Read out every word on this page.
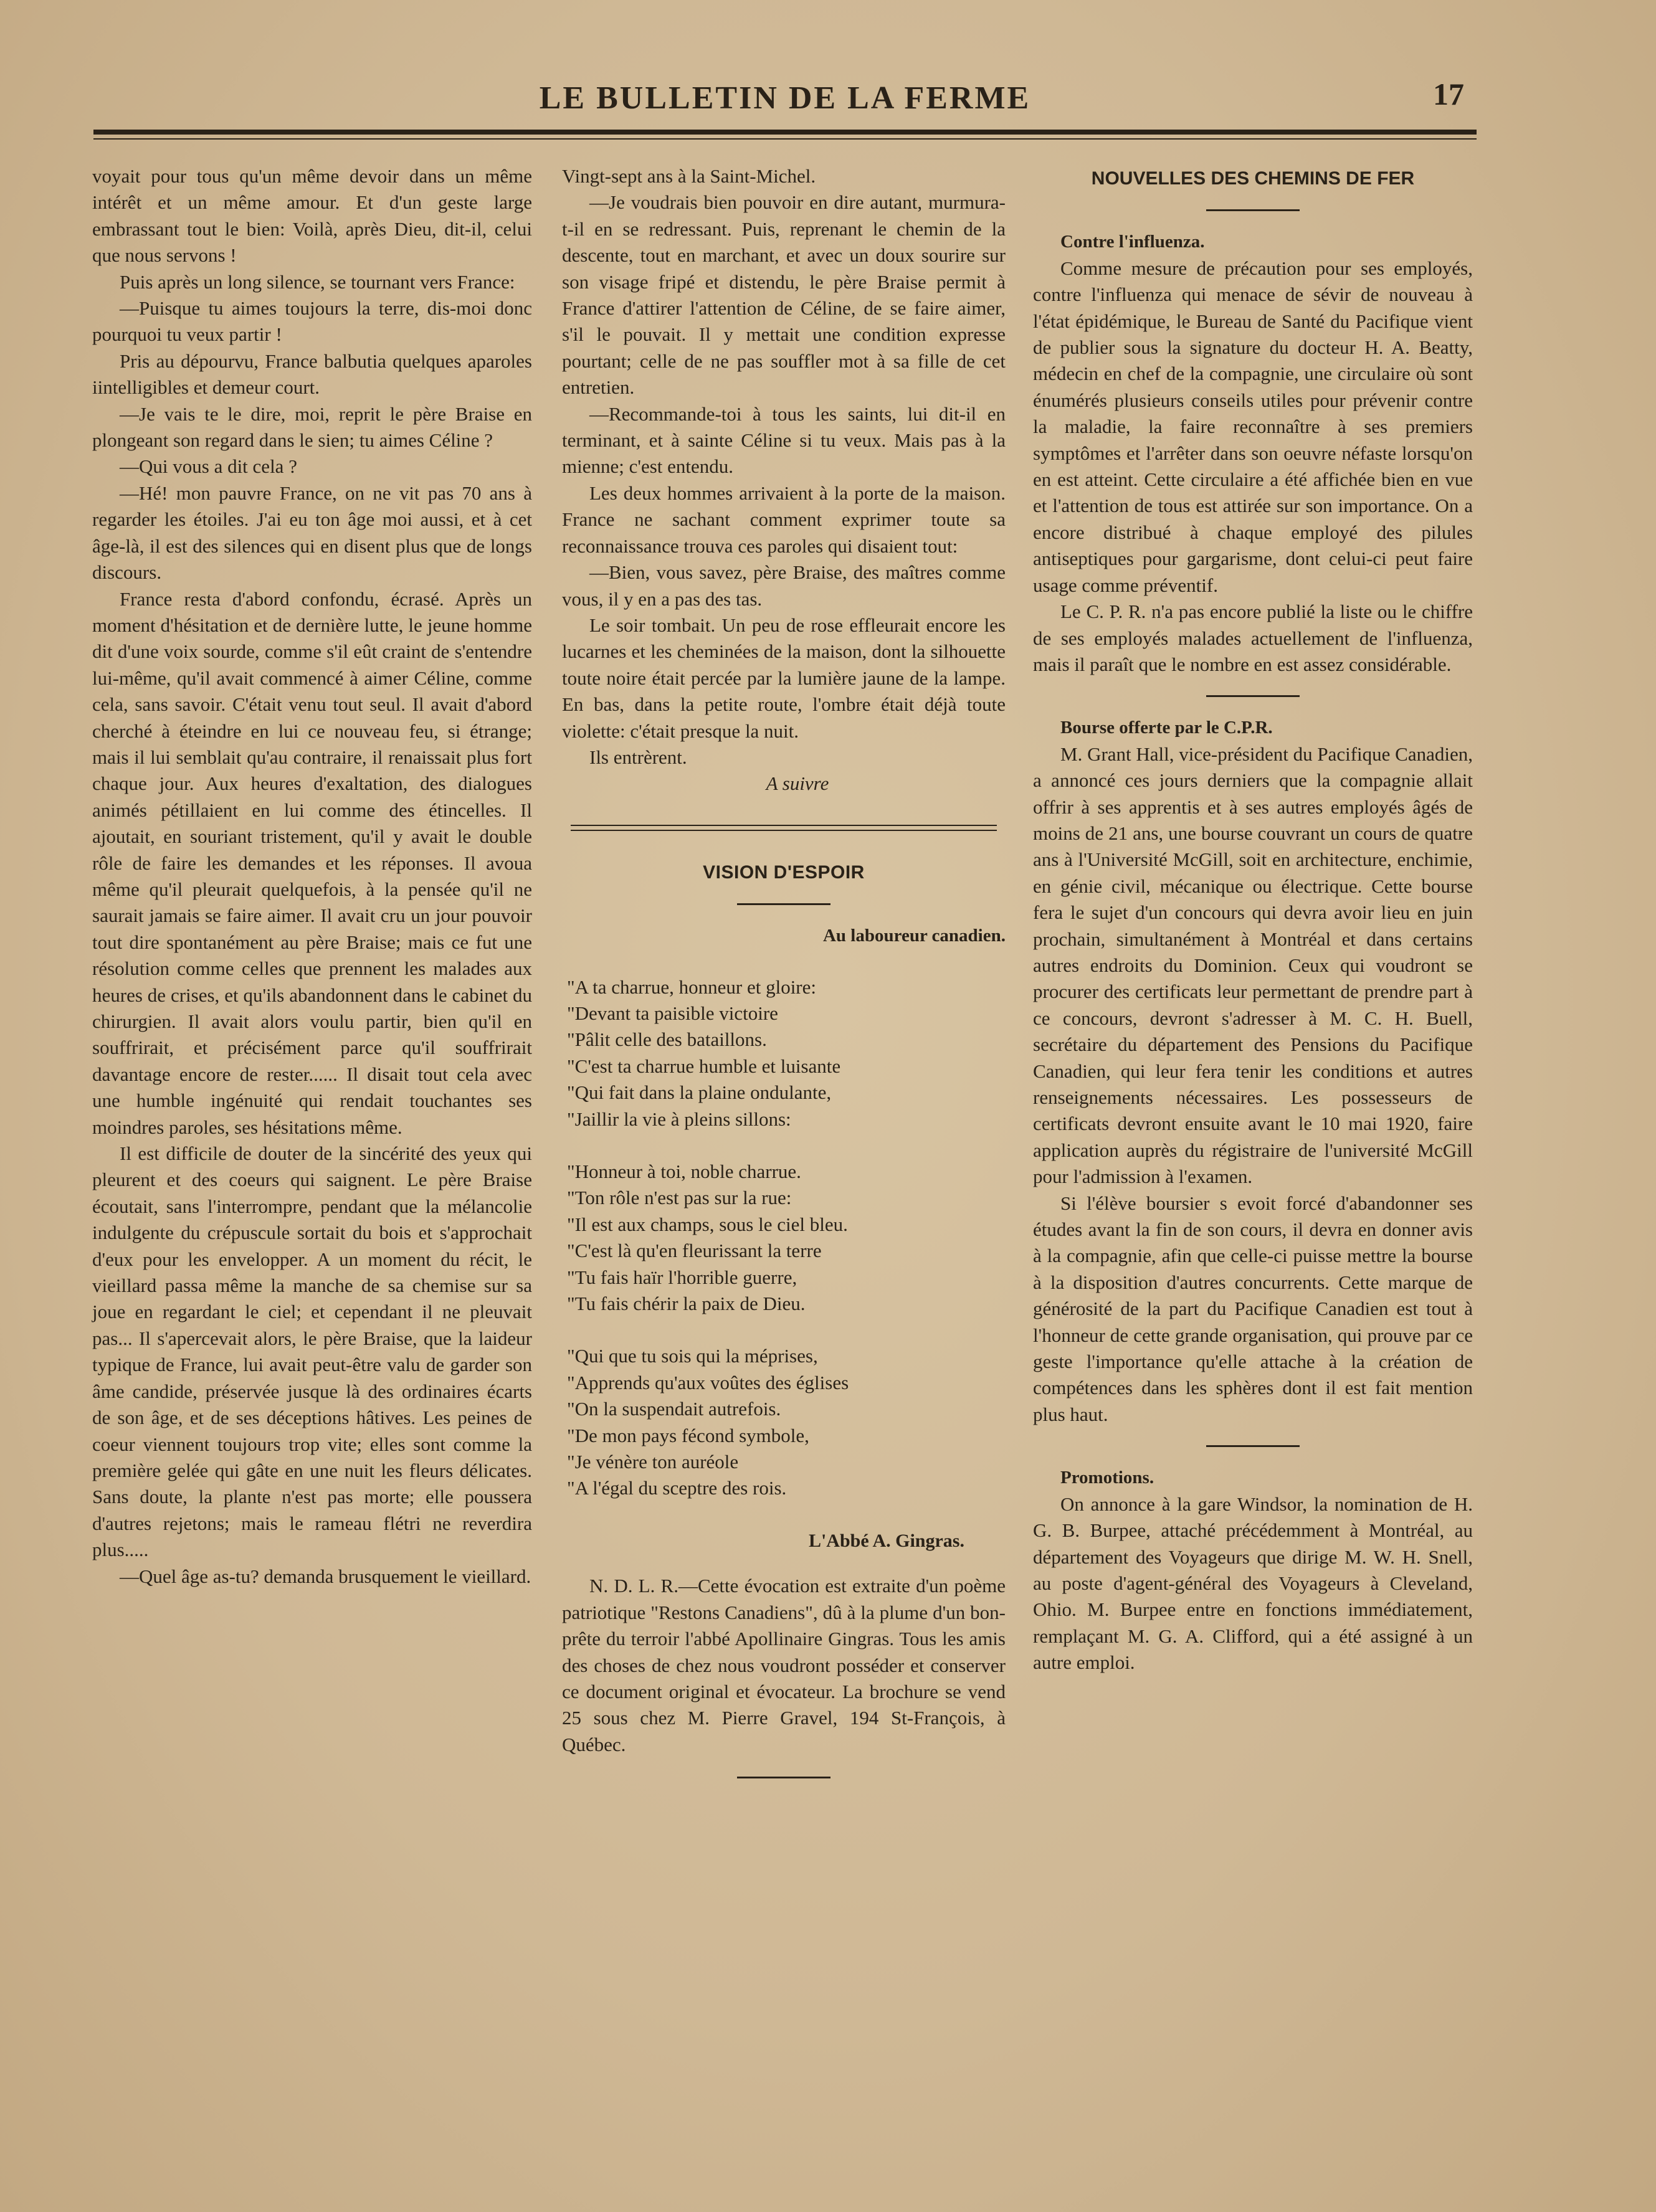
LE BULLETIN DE LA FERME	17

voyait pour tous qu'un même devoir dans un même intérêt et un même amour. Et d'un geste large embrassant tout le bien: Voilà, après Dieu, dit-il, celui que nous servons !

Puis après un long silence, se tournant vers France:

—Puisque tu aimes toujours la terre, dis-moi donc pourquoi tu veux partir !

Pris au dépourvu, France balbutia quelques aparoles iintelligibles et demeur court.

—Je vais te le dire, moi, reprit le père Braise en plongeant son regard dans le sien; tu aimes Céline ?

—Qui vous a dit cela ?

—Hé! mon pauvre France, on ne vit pas 70 ans à regarder les étoiles. J'ai eu ton âge moi aussi, et à cet âge-là, il est des silences qui en disent plus que de longs discours.

France resta d'abord confondu, écrasé. Après un moment d'hésitation et de dernière lutte, le jeune homme dit d'une voix sourde, comme s'il eût craint de s'entendre lui-même, qu'il avait commencé à aimer Céline, comme cela, sans savoir. C'était venu tout seul. Il avait d'abord cherché à éteindre en lui ce nouveau feu, si étrange; mais il lui semblait qu'au contraire, il renaissait plus fort chaque jour. Aux heures d'exaltation, des dialogues animés pétillaient en lui comme des étincelles. Il ajoutait, en souriant tristement, qu'il y avait le double rôle de faire les demandes et les réponses. Il avoua même qu'il pleurait quelquefois, à la pensée qu'il ne saurait jamais se faire aimer. Il avait cru un jour pouvoir tout dire spontanément au père Braise; mais ce fut une résolution comme celles que prennent les malades aux heures de crises, et qu'ils abandonnent dans le cabinet du chirurgien. Il avait alors voulu partir, bien qu'il en souffrirait, et précisément parce qu'il souffrirait davantage encore de rester...... Il disait tout cela avec une humble ingénuité qui rendait touchantes ses moindres paroles, ses hésitations même.

Il est difficile de douter de la sincérité des yeux qui pleurent et des coeurs qui saignent. Le père Braise écoutait, sans l'interrompre, pendant que la mélancolie indulgente du crépuscule sortait du bois et s'approchait d'eux pour les envelopper. A un moment du récit, le vieillard passa même la manche de sa chemise sur sa joue en regardant le ciel; et cependant il ne pleuvait pas... Il s'apercevait alors, le père Braise, que la laideur typique de France, lui avait peut-être valu de garder son âme candide, préservée jusque là des ordinaires écarts de son âge, et de ses déceptions hâtives. Les peines de coeur viennent toujours trop vite; elles sont comme la première gelée qui gâte en une nuit les fleurs délicates. Sans doute, la plante n'est pas morte; elle poussera d'autres rejetons; mais le rameau flétri ne reverdira plus.....

—Quel âge as-tu? demanda brusquement le vieillard.

Vingt-sept ans à la Saint-Michel.

—Je voudrais bien pouvoir en dire autant, murmura-t-il en se redressant. Puis, reprenant le chemin de la descente, tout en marchant, et avec un doux sourire sur son visage fripé et distendu, le père Braise permit à France d'attirer l'attention de Céline, de se faire aimer, s'il le pouvait. Il y mettait une condition expresse pourtant; celle de ne pas souffler mot à sa fille de cet entretien.

—Recommande-toi à tous les saints, lui dit-il en terminant, et à sainte Céline si tu veux. Mais pas à la mienne; c'est entendu.

Les deux hommes arrivaient à la porte de la maison. France ne sachant comment exprimer toute sa reconnaissance trouva ces paroles qui disaient tout:

—Bien, vous savez, père Braise, des maîtres comme vous, il y en a pas des tas.

Le soir tombait. Un peu de rose effleurait encore les lucarnes et les cheminées de la maison, dont la silhouette toute noire était percée par la lumière jaune de la lampe. En bas, dans la petite route, l'ombre était déjà toute violette: c'était presque la nuit.

Ils entrèrent.

A suivre

VISION D'ESPOIR
Au laboureur canadien.
"A ta charrue, honneur et gloire:
"Devant ta paisible victoire
"Pâlit celle des bataillons.
"C'est ta charrue humble et luisante
"Qui fait dans la plaine ondulante,
"Jaillir la vie à pleins sillons:
"Honneur à toi, noble charrue.
"Ton rôle n'est pas sur la rue:
"Il est aux champs, sous le ciel bleu.
"C'est là qu'en fleurissant la terre
"Tu fais haïr l'horrible guerre,
"Tu fais chérir la paix de Dieu.
"Qui que tu sois qui la méprises,
"Apprends qu'aux voûtes des églises
"On la suspendait autrefois.
"De mon pays fécond symbole,
"Je vénère ton auréole
"A l'égal du sceptre des rois.
L'Abbé A. Gingras.

N. D. L. R.—Cette évocation est extraite d'un poème patriotique "Restons Canadiens", dû à la plume d'un bon-prête du terroir l'abbé Apollinaire Gingras. Tous les amis des choses de chez nous voudront posséder et conserver ce document original et évocateur. La brochure se vend 25 sous chez M. Pierre Gravel, 194 St-François, à Québec.

NOUVELLES DES CHEMINS DE FER

Contre l'influenza.

Comme mesure de précaution pour ses employés, contre l'influenza qui menace de sévir de nouveau à l'état épidémique, le Bureau de Santé du Pacifique vient de publier sous la signature du docteur H. A. Beatty, médecin en chef de la compagnie, une circulaire où sont énumérés plusieurs conseils utiles pour prévenir contre la maladie, la faire reconnaître à ses premiers symptômes et l'arrêter dans son oeuvre néfaste lorsqu'on en est atteint. Cette circulaire a été affichée bien en vue et l'attention de tous est attirée sur son importance. On a encore distribué à chaque employé des pilules antiseptiques pour gargarisme, dont celui-ci peut faire usage comme préventif.

Le C. P. R. n'a pas encore publié la liste ou le chiffre de ses employés malades actuellement de l'influenza, mais il paraît que le nombre en est assez considérable.

Bourse offerte par le C.P.R.

M. Grant Hall, vice-président du Pacifique Canadien, a annoncé ces jours derniers que la compagnie allait offrir à ses apprentis et à ses autres employés âgés de moins de 21 ans, une bourse couvrant un cours de quatre ans à l'Université McGill, soit en architecture, enchimie, en génie civil, mécanique ou électrique. Cette bourse fera le sujet d'un concours qui devra avoir lieu en juin prochain, simultanément à Montréal et dans certains autres endroits du Dominion. Ceux qui voudront se procurer des certificats leur permettant de prendre part à ce concours, devront s'adresser à M. C. H. Buell, secrétaire du département des Pensions du Pacifique Canadien, qui leur fera tenir les conditions et autres renseignements nécessaires. Les possesseurs de certificats devront ensuite avant le 10 mai 1920, faire application auprès du régistraire de l'université McGill pour l'admission à l'examen.

Si l'élève boursier s evoit forcé d'abandonner ses études avant la fin de son cours, il devra en donner avis à la compagnie, afin que celle-ci puisse mettre la bourse à la disposition d'autres concurrents. Cette marque de générosité de la part du Pacifique Canadien est tout à l'honneur de cette grande organisation, qui prouve par ce geste l'importance qu'elle attache à la création de compétences dans les sphères dont il est fait mention plus haut.

Promotions.

On annonce à la gare Windsor, la nomination de H. G. B. Burpee, attaché précédemment à Montréal, au département des Voyageurs que dirige M. W. H. Snell, au poste d'agent-général des Voyageurs à Cleveland, Ohio. M. Burpee entre en fonctions immédiatement, remplaçant M. G. A. Clifford, qui a été assigné à un autre emploi.
